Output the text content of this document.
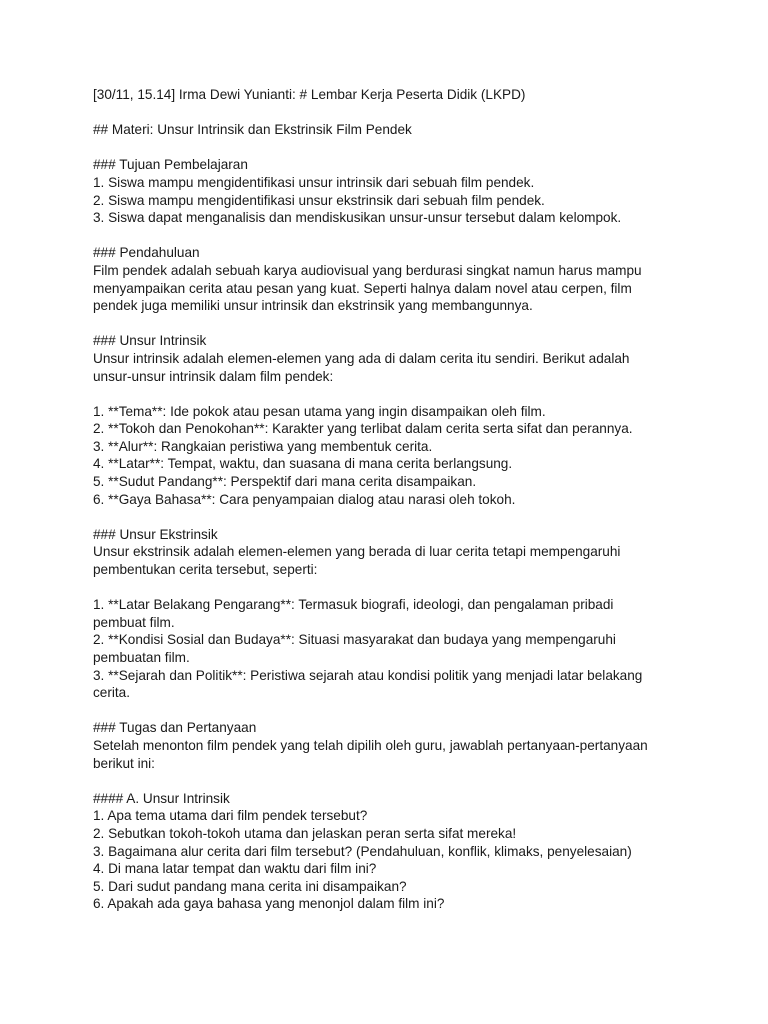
[30/11, 15.14] Irma Dewi Yunianti: # Lembar Kerja Peserta Didik (LKPD)
## Materi: Unsur Intrinsik dan Ekstrinsik Film Pendek
### Tujuan Pembelajaran
1. Siswa mampu mengidentifikasi unsur intrinsik dari sebuah film pendek.
2. Siswa mampu mengidentifikasi unsur ekstrinsik dari sebuah film pendek.
3. Siswa dapat menganalisis dan mendiskusikan unsur-unsur tersebut dalam kelompok.
### Pendahuluan
Film pendek adalah sebuah karya audiovisual yang berdurasi singkat namun harus mampu
menyampaikan cerita atau pesan yang kuat. Seperti halnya dalam novel atau cerpen, film
pendek juga memiliki unsur intrinsik dan ekstrinsik yang membangunnya.
### Unsur Intrinsik
Unsur intrinsik adalah elemen-elemen yang ada di dalam cerita itu sendiri. Berikut adalah
unsur-unsur intrinsik dalam film pendek:
1. **Tema**: Ide pokok atau pesan utama yang ingin disampaikan oleh film.
2. **Tokoh dan Penokohan**: Karakter yang terlibat dalam cerita serta sifat dan perannya.
3. **Alur**: Rangkaian peristiwa yang membentuk cerita.
4. **Latar**: Tempat, waktu, dan suasana di mana cerita berlangsung.
5. **Sudut Pandang**: Perspektif dari mana cerita disampaikan.
6. **Gaya Bahasa**: Cara penyampaian dialog atau narasi oleh tokoh.
### Unsur Ekstrinsik
Unsur ekstrinsik adalah elemen-elemen yang berada di luar cerita tetapi mempengaruhi
pembentukan cerita tersebut, seperti:
1. **Latar Belakang Pengarang**: Termasuk biografi, ideologi, dan pengalaman pribadi
pembuat film.
2. **Kondisi Sosial dan Budaya**: Situasi masyarakat dan budaya yang mempengaruhi
pembuatan film.
3. **Sejarah dan Politik**: Peristiwa sejarah atau kondisi politik yang menjadi latar belakang
cerita.
### Tugas dan Pertanyaan
Setelah menonton film pendek yang telah dipilih oleh guru, jawablah pertanyaan-pertanyaan
berikut ini:
#### A. Unsur Intrinsik
1. Apa tema utama dari film pendek tersebut?
2. Sebutkan tokoh-tokoh utama dan jelaskan peran serta sifat mereka!
3. Bagaimana alur cerita dari film tersebut? (Pendahuluan, konflik, klimaks, penyelesaian)
4. Di mana latar tempat dan waktu dari film ini?
5. Dari sudut pandang mana cerita ini disampaikan?
6. Apakah ada gaya bahasa yang menonjol dalam film ini?
